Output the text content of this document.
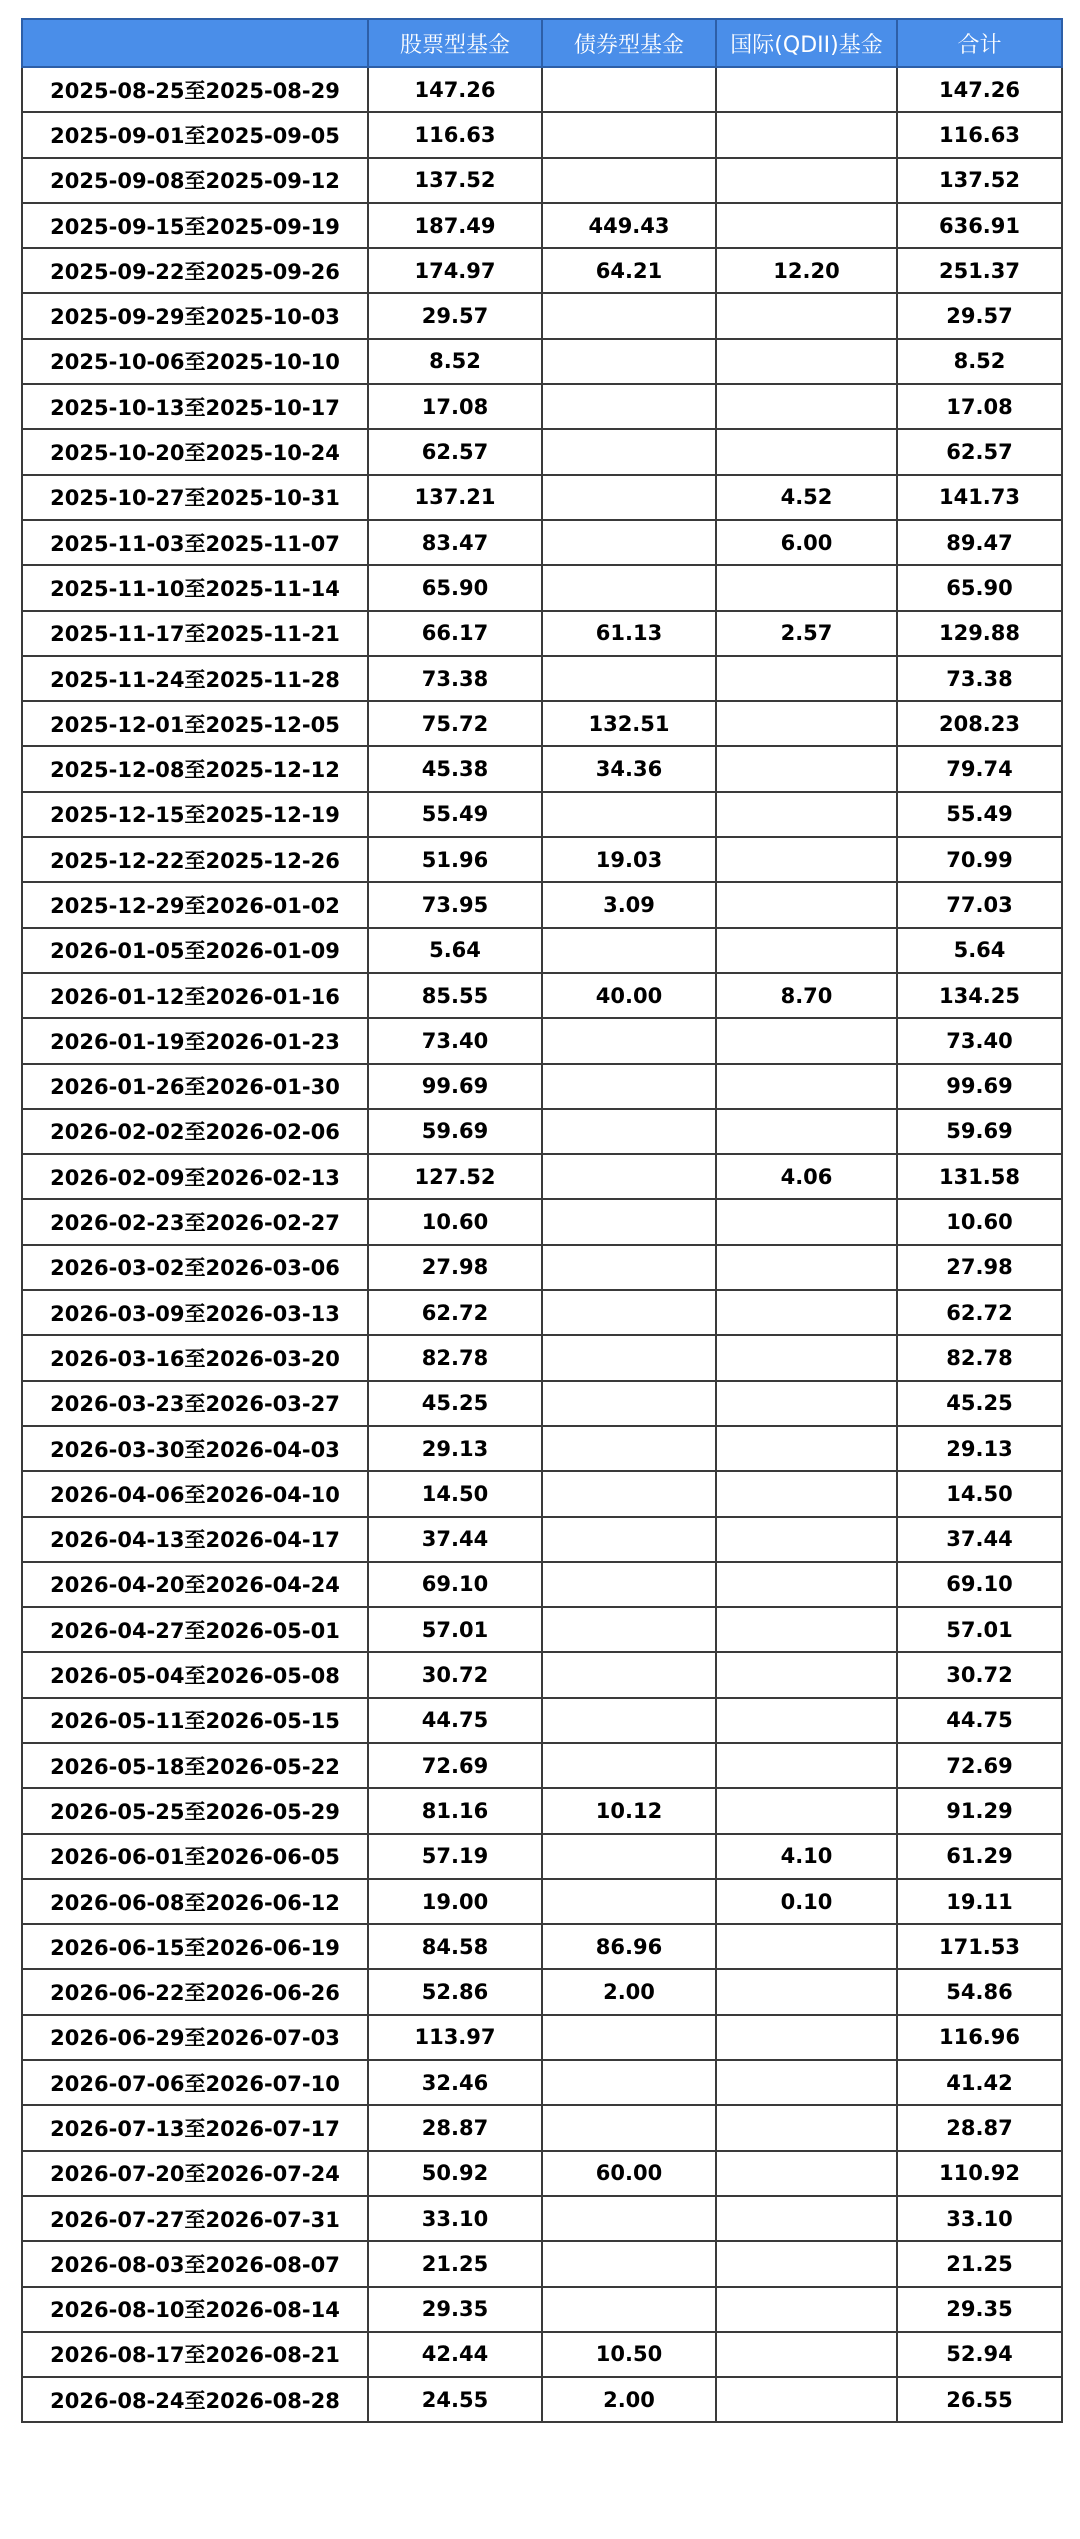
	股票型基金	债券型基金	国际(QDII)基金	合计
2025-08-25至2025-08-29	147.26			147.26
2025-09-01至2025-09-05	116.63			116.63
2025-09-08至2025-09-12	137.52			137.52
2025-09-15至2025-09-19	187.49	449.43		636.91
2025-09-22至2025-09-26	174.97	64.21	12.20	251.37
2025-09-29至2025-10-03	29.57			29.57
2025-10-06至2025-10-10	8.52			8.52
2025-10-13至2025-10-17	17.08			17.08
2025-10-20至2025-10-24	62.57			62.57
2025-10-27至2025-10-31	137.21		4.52	141.73
2025-11-03至2025-11-07	83.47		6.00	89.47
2025-11-10至2025-11-14	65.90			65.90
2025-11-17至2025-11-21	66.17	61.13	2.57	129.88
2025-11-24至2025-11-28	73.38			73.38
2025-12-01至2025-12-05	75.72	132.51		208.23
2025-12-08至2025-12-12	45.38	34.36		79.74
2025-12-15至2025-12-19	55.49			55.49
2025-12-22至2025-12-26	51.96	19.03		70.99
2025-12-29至2026-01-02	73.95	3.09		77.03
2026-01-05至2026-01-09	5.64			5.64
2026-01-12至2026-01-16	85.55	40.00	8.70	134.25
2026-01-19至2026-01-23	73.40			73.40
2026-01-26至2026-01-30	99.69			99.69
2026-02-02至2026-02-06	59.69			59.69
2026-02-09至2026-02-13	127.52		4.06	131.58
2026-02-23至2026-02-27	10.60			10.60
2026-03-02至2026-03-06	27.98			27.98
2026-03-09至2026-03-13	62.72			62.72
2026-03-16至2026-03-20	82.78			82.78
2026-03-23至2026-03-27	45.25			45.25
2026-03-30至2026-04-03	29.13			29.13
2026-04-06至2026-04-10	14.50			14.50
2026-04-13至2026-04-17	37.44			37.44
2026-04-20至2026-04-24	69.10			69.10
2026-04-27至2026-05-01	57.01			57.01
2026-05-04至2026-05-08	30.72			30.72
2026-05-11至2026-05-15	44.75			44.75
2026-05-18至2026-05-22	72.69			72.69
2026-05-25至2026-05-29	81.16	10.12		91.29
2026-06-01至2026-06-05	57.19		4.10	61.29
2026-06-08至2026-06-12	19.00		0.10	19.11
2026-06-15至2026-06-19	84.58	86.96		171.53
2026-06-22至2026-06-26	52.86	2.00		54.86
2026-06-29至2026-07-03	113.97			116.96
2026-07-06至2026-07-10	32.46			41.42
2026-07-13至2026-07-17	28.87			28.87
2026-07-20至2026-07-24	50.92	60.00		110.92
2026-07-27至2026-07-31	33.10			33.10
2026-08-03至2026-08-07	21.25			21.25
2026-08-10至2026-08-14	29.35			29.35
2026-08-17至2026-08-21	42.44	10.50		52.94
2026-08-24至2026-08-28	24.55	2.00		26.55
